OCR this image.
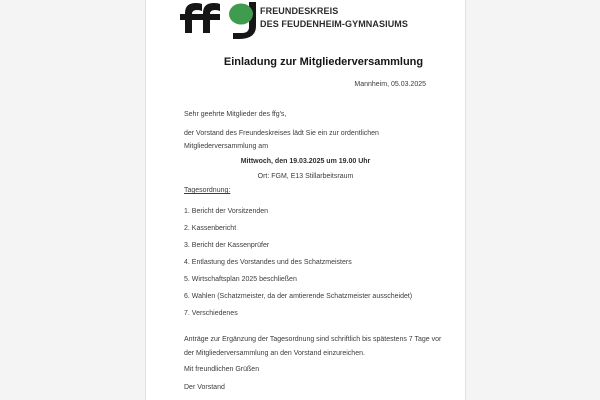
FREUNDESKREIS
DES FEUDENHEIM-GYMNASIUMS
Einladung zur Mitgliederversammlung
Mannheim, 05.03.2025
Sehr geehrte Mitglieder des ffg's,
der Vorstand des Freundeskreises lädt Sie ein zur ordentlichen
Mitgliederversammlung am
Mittwoch, den 19.03.2025 um 19.00 Uhr
Ort: FGM, E13 Stillarbeitsraum
Tagesordnung:
1. Bericht der Vorsitzenden
2. Kassenbericht
3. Bericht der Kassenprüfer
4. Entlastung des Vorstandes und des Schatzmeisters
5. Wirtschaftsplan 2025 beschließen
6. Wahlen (Schatzmeister, da der amtierende Schatzmeister ausscheidet)
7. Verschiedenes
Anträge zur Ergänzung der Tagesordnung sind schriftlich bis spätestens 7 Tage vor
der Mitgliederversammlung an den Vorstand einzureichen.
Mit freundlichen Grüßen
Der Vorstand
